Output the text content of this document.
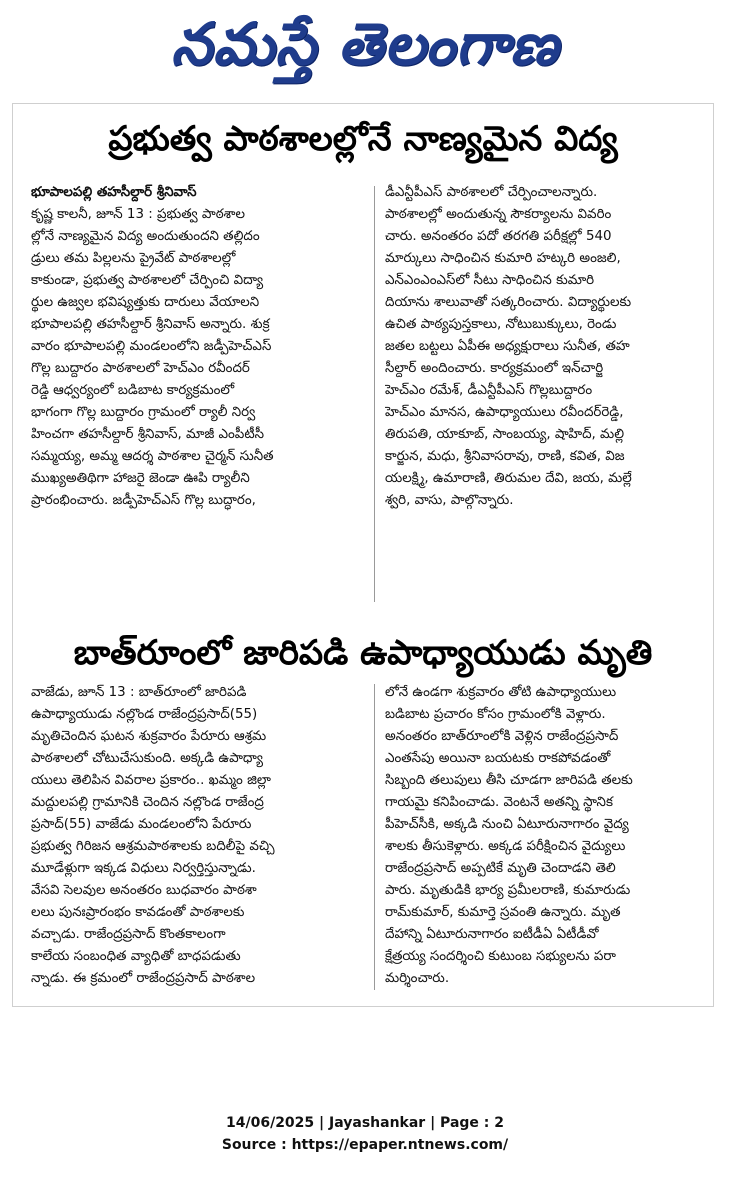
నమస్తే తెలంగాణ
ప్రభుత్వ పాఠశాలల్లోనే నాణ్యమైన విద్య

భూపాలపల్లి తహసీల్దార్ శ్రీనివాస్

కృష్ణ కాలనీ, జూన్ 13 : ప్రభుత్వ పాఠశాల

ల్లోనే నాణ్యమైన విద్య అందుతుందని తల్లిదం

డ్రులు తమ పిల్లలను ప్రైవేట్ పాఠశాలల్లో

కాకుండా, ప్రభుత్వ పాఠశాలలో చేర్పించి విద్యా

ర్థుల ఉజ్వల భవిష్యత్తుకు దారులు వేయాలని

భూపాలపల్లి తహసీల్దార్ శ్రీనివాస్ అన్నారు. శుక్ర

వారం భూపాలపల్లి మండలంలోని జడ్పీహెచ్ఎస్

గొల్ల బుద్దారం పాఠశాలలో హెచ్ఎం రవీందర్

రెడ్డి ఆధ్వర్యంలో బడిబాట కార్యక్రమంలో

భాగంగా గొల్ల బుద్దారం గ్రామంలో ర్యాలీ నిర్వ

హించగా తహసీల్దార్ శ్రీనివాస్, మాజీ ఎంపీటీసీ

సమ్మయ్య, అమ్మ ఆదర్శ పాఠశాల చైర్మన్ సునీత

ముఖ్యఅతిథిగా హాజరై జెండా ఊపి ర్యాలీని

ప్రారంభించారు. జడ్పీహెచ్ఎస్ గొల్ల బుద్ధారం,

డీఎన్టీపీఎస్ పాఠశాలలో చేర్పించాలన్నారు.

పాఠశాలల్లో అందుతున్న సౌకర్యాలను వివరిం

చారు. అనంతరం పదో తరగతి పరీక్షల్లో 540

మార్కులు సాధించిన కుమారి హట్కరి అంజలి,

ఎన్ఎంఎంఎస్‌లో సీటు సాధించిన కుమారి

దియాను శాలువాతో సత్కరించారు. విద్యార్థులకు

ఉచిత పాఠ్యపుస్తకాలు, నోటుబుక్కులు, రెండు

జతల బట్టలు ఏపీఈ అధ్యక్షురాలు సునీత, తహ

సీల్దార్ అందించారు. కార్యక్రమంలో ఇన్‌చార్జి

హెచ్ఎం రమేశ్, డీఎన్టీపీఎస్ గొల్లబుద్దారం

హెచ్ఎం మానస, ఉపాధ్యాయులు రవీందర్‌రెడ్డి,

తిరుపతి, యాకూబ్, సాంబయ్య, షాహిద్, మల్లి

కార్జున, మధు, శ్రీనివాసరావు, రాణి, కవిత, విజ

యలక్ష్మి, ఉమారాణి, తిరుమల దేవి, జయ, మల్లే

శ్వరి, వాసు, పాల్గొన్నారు.

బాత్‌రూంలో జారిపడి ఉపాధ్యాయుడు మృతి

వాజేడు, జూన్ 13 : బాత్‌రూంలో జారిపడి

ఉపాధ్యాయుడు నల్లొండ రాజేంద్రప్రసాద్(55)

మృతిచెందిన ఘటన శుక్రవారం పేరూరు ఆశ్రమ

పాఠశాలలో చోటుచేసుకుంది. అక్కడి ఉపాధ్యా

యులు తెలిపిన వివరాల ప్రకారం.. ఖమ్మం జిల్లా

మద్దులపల్లి గ్రామానికి చెందిన నల్లొండ రాజేంద్ర

ప్రసాద్(55) వాజేడు మండలంలోని పేరూరు

ప్రభుత్వ గిరిజన ఆశ్రమపాఠశాలకు బదిలీపై వచ్చి

మూడేళ్లుగా ఇక్కడ విధులు నిర్వర్తిస్తున్నాడు.

వేసవి సెలవుల అనంతరం బుధవారం పాఠశా

లలు పునఃప్రారంభం కావడంతో పాఠశాలకు

వచ్చాడు. రాజేంద్రప్రసాద్ కొంతకాలంగా

కాలేయ సంబంధిత వ్యాధితో బాధపడుతు

న్నాడు. ఈ క్రమంలో రాజేంద్రప్రసాద్ పాఠశాల

లోనే ఉండగా శుక్రవారం తోటి ఉపాధ్యాయులు

బడిబాట ప్రచారం కోసం గ్రామంలోకి వెళ్లారు.

అనంతరం బాత్‌రూంలోకి వెళ్లిన రాజేంద్రప్రసాద్

ఎంతసేపు అయినా బయటకు రాకపోవడంతో

సిబ్బంది తలుపులు తీసి చూడగా జారిపడి తలకు

గాయమై కనిపించాడు. వెంటనే అతన్ని స్థానిక

పీహెచ్‌సీకి, అక్కడి నుంచి ఏటూరునాగారం వైద్య

శాలకు తీసుకెళ్లారు. అక్కడ పరీక్షించిన వైద్యులు

రాజేంద్రప్రసాద్ అప్పటికే మృతి చెందాడని తెలి

పారు. మృతుడికి భార్య ప్రమీలరాణి, కుమారుడు

రామ్‌కుమార్, కుమార్తె స్రవంతి ఉన్నారు. మృత

దేహాన్ని ఏటూరునాగారం ఐటీడీఏ ఏటీడీవో

క్షేత్రయ్య సందర్శించి కుటుంబ సభ్యులను పరా

మర్శించారు.

14/06/2025 | Jayashankar | Page : 2
Source : https://epaper.ntnews.com/
